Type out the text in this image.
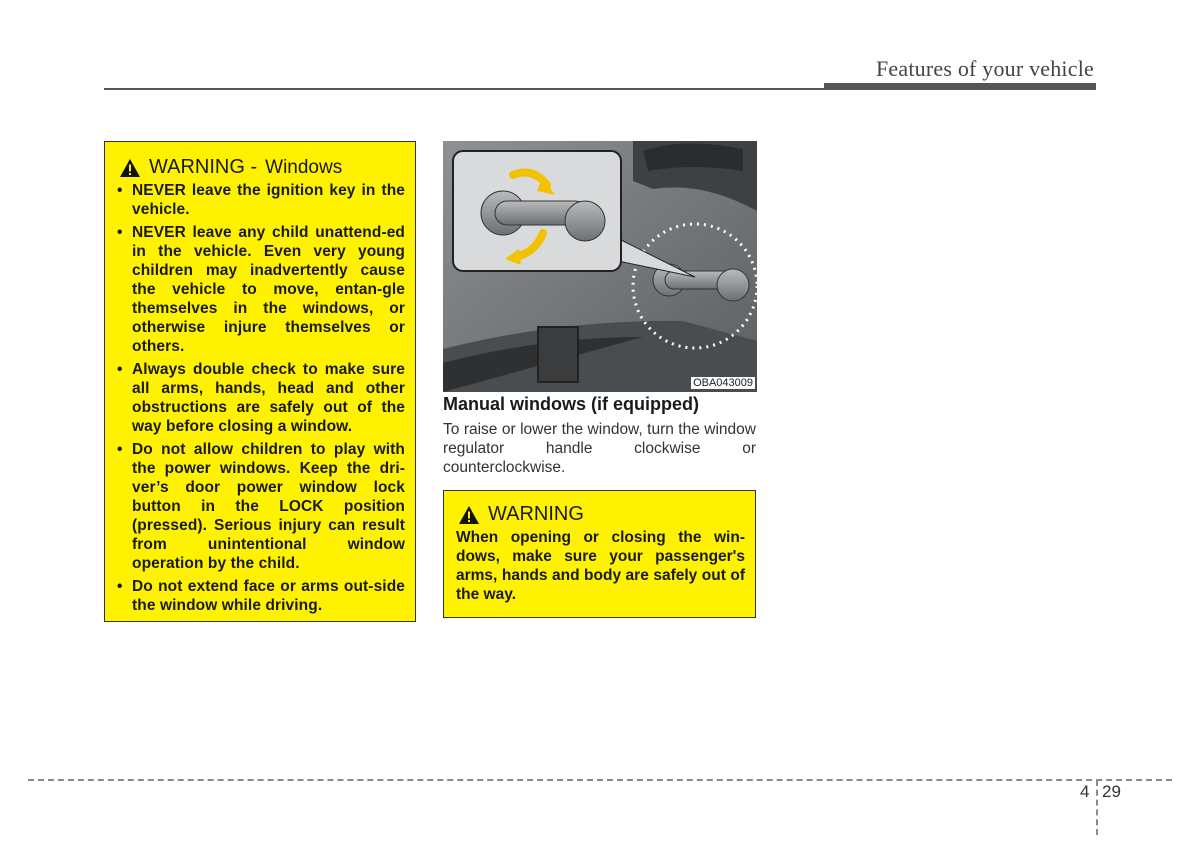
Features of your vehicle
WARNING - Windows
• NEVER leave the ignition key in the vehicle.
• NEVER leave any child unattend-ed in the vehicle. Even very young children may inadvertently cause the vehicle to move, entan-gle themselves in the windows, or otherwise injure themselves or others.
• Always double check to make sure all arms, hands, head and other obstructions are safely out of the way before closing a window.
• Do not allow children to play with the power windows. Keep the dri-ver’s door power window lock button in the LOCK position (pressed). Serious injury can result from unintentional window operation by the child.
• Do not extend face or arms out-side the window while driving.
OBA043009
Manual windows (if equipped)
To raise or lower the window, turn the window regulator handle clockwise or counterclockwise.
WARNING
When opening or closing the win-dows, make sure your passenger's arms, hands and body are safely out of the way.
4 29
